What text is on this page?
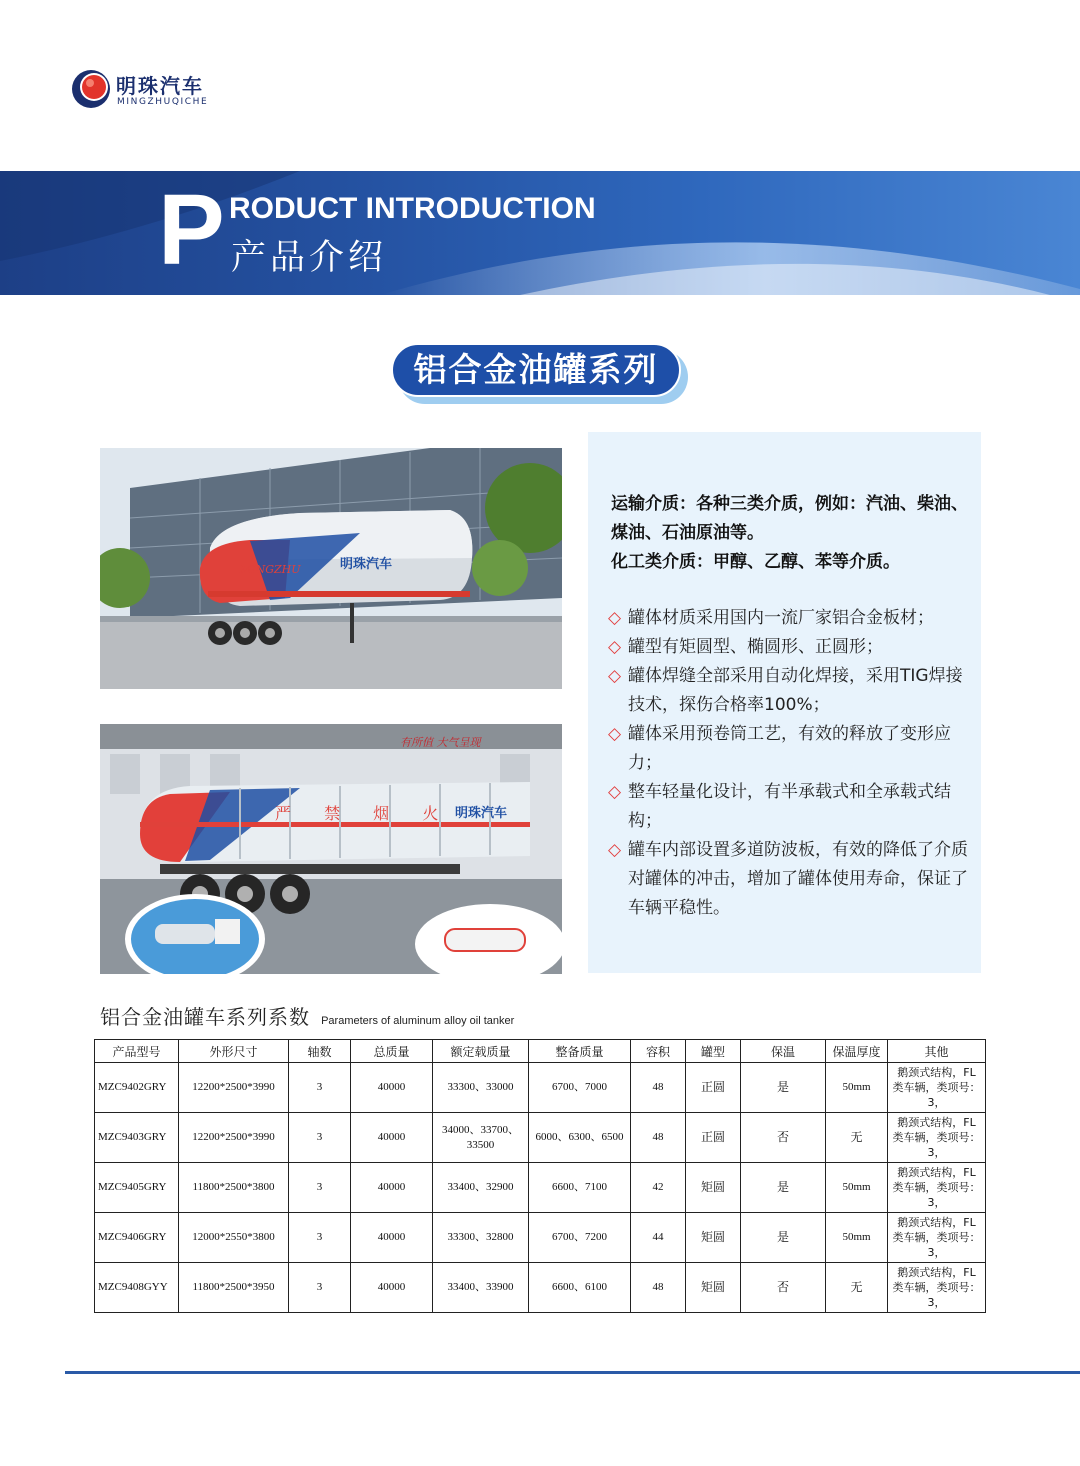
明珠汽车
MINGZHUQICHE
P RODUCT INTRODUCTION
产品介绍
铝合金油罐系列
MINGZHU	明珠汽车
有所值 大气呈现
严 禁 烟 火 明珠汽车
运输介质：各种三类介质，例如：汽油、柴油、煤油、石油原油等。
化工类介质：甲醇、乙醇、苯等介质。
◇ 罐体材质采用国内一流厂家铝合金板材；
◇ 罐型有矩圆型、椭圆形、正圆形；
◇ 罐体焊缝全部采用自动化焊接，采用TIG焊接技术，探伤合格率100%；
◇ 罐体采用预卷筒工艺，有效的释放了变形应力；
◇ 整车轻量化设计，有半承载式和全承载式结构；
◇ 罐车内部设置多道防波板，有效的降低了介质对罐体的冲击，增加了罐体使用寿命，保证了车辆平稳性。
铝合金油罐车系列系数 Parameters of aluminum alloy oil tanker
产品型号	外形尺寸	轴数	总质量	额定载质量	整备质量	容积	罐型	保温	保温厚度	其他
MZC9402GRY	12200*2500*3990	3	40000	33300、33000	6700、7000	48	正圆	是	50mm	鹅颈式结构，FL类车辆，类项号：3，
MZC9403GRY	12200*2500*3990	3	40000	34000、33700、33500	6000、6300、6500	48	正圆	否	无	鹅颈式结构，FL类车辆，类项号：3，
MZC9405GRY	11800*2500*3800	3	40000	33400、32900	6600、7100	42	矩圆	是	50mm	鹅颈式结构，FL类车辆，类项号：3，
MZC9406GRY	12000*2550*3800	3	40000	33300、32800	6700、7200	44	矩圆	是	50mm	鹅颈式结构，FL类车辆，类项号：3，
MZC9408GYY	11800*2500*3950	3	40000	33400、33900	6600、6100	48	矩圆	否	无	鹅颈式结构，FL类车辆，类项号：3，
